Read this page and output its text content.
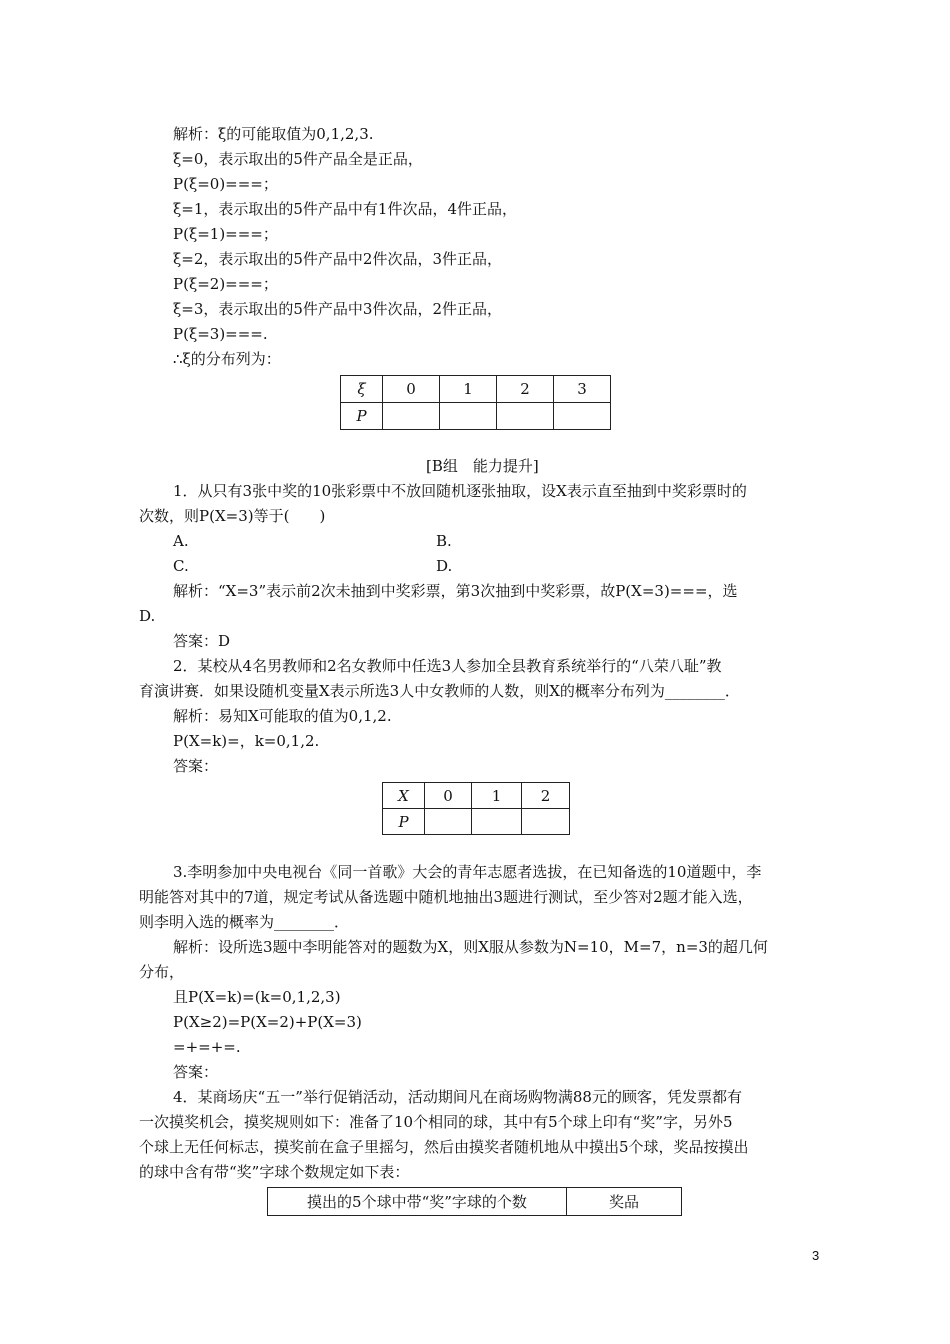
解析：ξ的可能取值为0,1,2,3.
ξ=0，表示取出的5件产品全是正品，
P(ξ=0)===；
ξ=1，表示取出的5件产品中有1件次品，4件正品，
P(ξ=1)===；
ξ=2，表示取出的5件产品中2件次品，3件正品，
P(ξ=2)===；
ξ=3，表示取出的5件产品中3件次品，2件正品，
P(ξ=3)===.
∴ξ的分布列为：
ξ	0	1	2	3
P				
[B组　能力提升]
1．从只有3张中奖的10张彩票中不放回随机逐张抽取，设X表示直至抽到中奖彩票时的
次数，则P(X=3)等于(　　)
A.	B.
C.	D.
解析：“X=3”表示前2次未抽到中奖彩票，第3次抽到中奖彩票，故P(X=3)===，选
D.
答案：D
2．某校从4名男教师和2名女教师中任选3人参加全县教育系统举行的“八荣八耻”教
育演讲赛．如果设随机变量X表示所选3人中女教师的人数，则X的概率分布列为________．
解析：易知X可能取的值为0,1,2.
P(X=k)=，k=0,1,2.
答案：
X	0	1	2
P			
3.李明参加中央电视台《同一首歌》大会的青年志愿者选拔，在已知备选的10道题中，李
明能答对其中的7道，规定考试从备选题中随机地抽出3题进行测试，至少答对2题才能入选，
则李明入选的概率为________．
解析：设所选3题中李明能答对的题数为X，则X服从参数为N=10，M=7，n=3的超几何
分布，
且P(X=k)=(k=0,1,2,3)
P(X≥2)=P(X=2)+P(X=3)
=+=+=.
答案：
4．某商场庆“五一”举行促销活动，活动期间凡在商场购物满88元的顾客，凭发票都有
一次摸奖机会，摸奖规则如下：准备了10个相同的球，其中有5个球上印有“奖”字，另外5
个球上无任何标志，摸奖前在盒子里摇匀，然后由摸奖者随机地从中摸出5个球，奖品按摸出
的球中含有带“奖”字球个数规定如下表：
摸出的5个球中带“奖”字球的个数	奖品
3
